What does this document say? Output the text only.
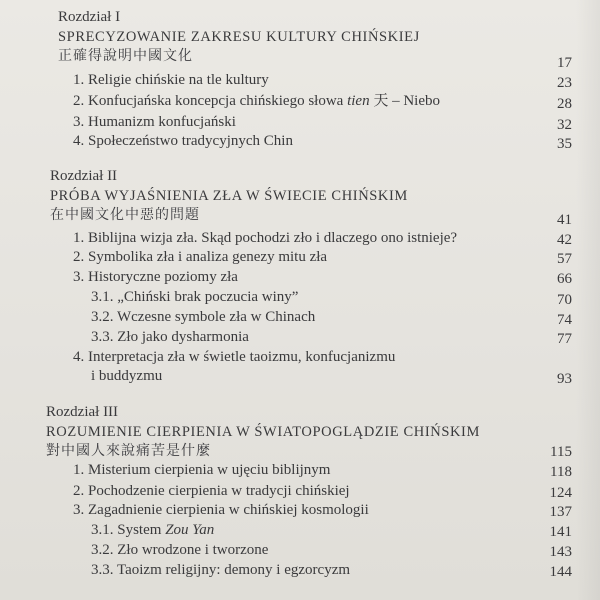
Rozdział I
SPRECYZOWANIE ZAKRESU KULTURY CHIŃSKIEJ
正確得說明中國文化	17
1. Religie chińskie na tle kultury	23
2. Konfucjańska koncepcja chińskiego słowa tien 天 – Niebo	28
3. Humanizm konfucjański	32
4. Społeczeństwo tradycyjnych Chin	35
Rozdział II
PRÓBA WYJAŚNIENIA ZŁA W ŚWIECIE CHIŃSKIM
在中國文化中惡的問題	41
1. Biblijna wizja zła. Skąd pochodzi zło i dlaczego ono istnieje?	42
2. Symbolika zła i analiza genezy mitu zła	57
3. Historyczne poziomy zła	66
3.1. „Chiński brak poczucia winy”	70
3.2. Wczesne symbole zła w Chinach	74
3.3. Zło jako dysharmonia	77
4. Interpretacja zła w świetle taoizmu, konfucjanizmu
i buddyzmu	93
Rozdział III
ROZUMIENIE CIERPIENIA W ŚWIATOPOGLĄDZIE CHIŃSKIM
對中國人來說痛苦是什麼	115
1. Misterium cierpienia w ujęciu biblijnym	118
2. Pochodzenie cierpienia w tradycji chińskiej	124
3. Zagadnienie cierpienia w chińskiej kosmologii	137
3.1. System Zou Yan	141
3.2. Zło wrodzone i tworzone	143
3.3. Taoizm religijny: demony i egzorcyzm	144
